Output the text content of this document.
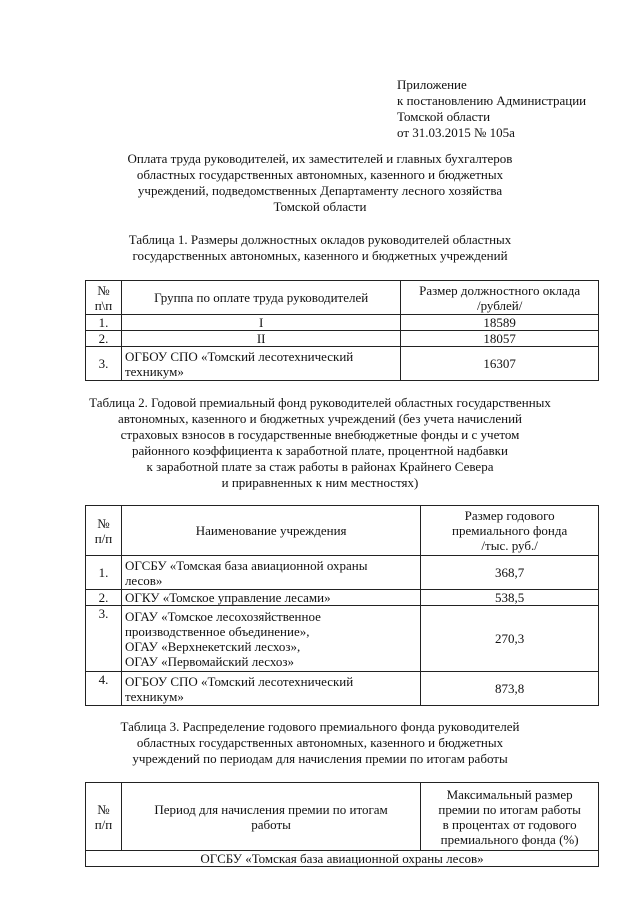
Приложение
к постановлению Администрации
Томской области
от 31.03.2015 № 105а
Оплата труда руководителей, их заместителей и главных бухгалтеров
областных государственных автономных, казенного и бюджетных
учреждений, подведомственных Департаменту лесного хозяйства
Томской области
Таблица 1. Размеры должностных окладов руководителей областных
государственных автономных, казенного и бюджетных учреждений
№
п\п	Группа по оплате труда руководителей	Размер должностного оклада
/рублей/
1.	I	18589
2.	II	18057
3.	ОГБОУ СПО «Томский лесотехнический
техникум»	16307
Таблица 2. Годовой премиальный фонд руководителей областных государственных
автономных, казенного и бюджетных учреждений (без учета начислений
страховых взносов в государственные внебюджетные фонды и с учетом
районного коэффициента к заработной плате, процентной надбавки
к заработной плате за стаж работы в районах Крайнего Севера
и приравненных к ним местностях)
№
п/п	Наименование учреждения	Размер годового
премиального фонда
/тыс. руб./
1.	ОГСБУ «Томская база авиационной охраны
лесов»	368,7
2.	ОГКУ «Томское управление лесами»	538,5
3.	ОГАУ «Томское лесохозяйственное
производственное объединение»,
ОГАУ «Верхнекетский лесхоз»,
ОГАУ «Первомайский лесхоз»	270,3
4.	ОГБОУ СПО «Томский лесотехнический
техникум»	873,8
Таблица 3. Распределение годового премиального фонда руководителей
областных государственных автономных, казенного и бюджетных
учреждений по периодам для начисления премии по итогам работы
№
п/п	Период для начисления премии по итогам
работы	Максимальный размер
премии по итогам работы
в процентах от годового
премиального фонда (%)
ОГСБУ «Томская база авиационной охраны лесов»
